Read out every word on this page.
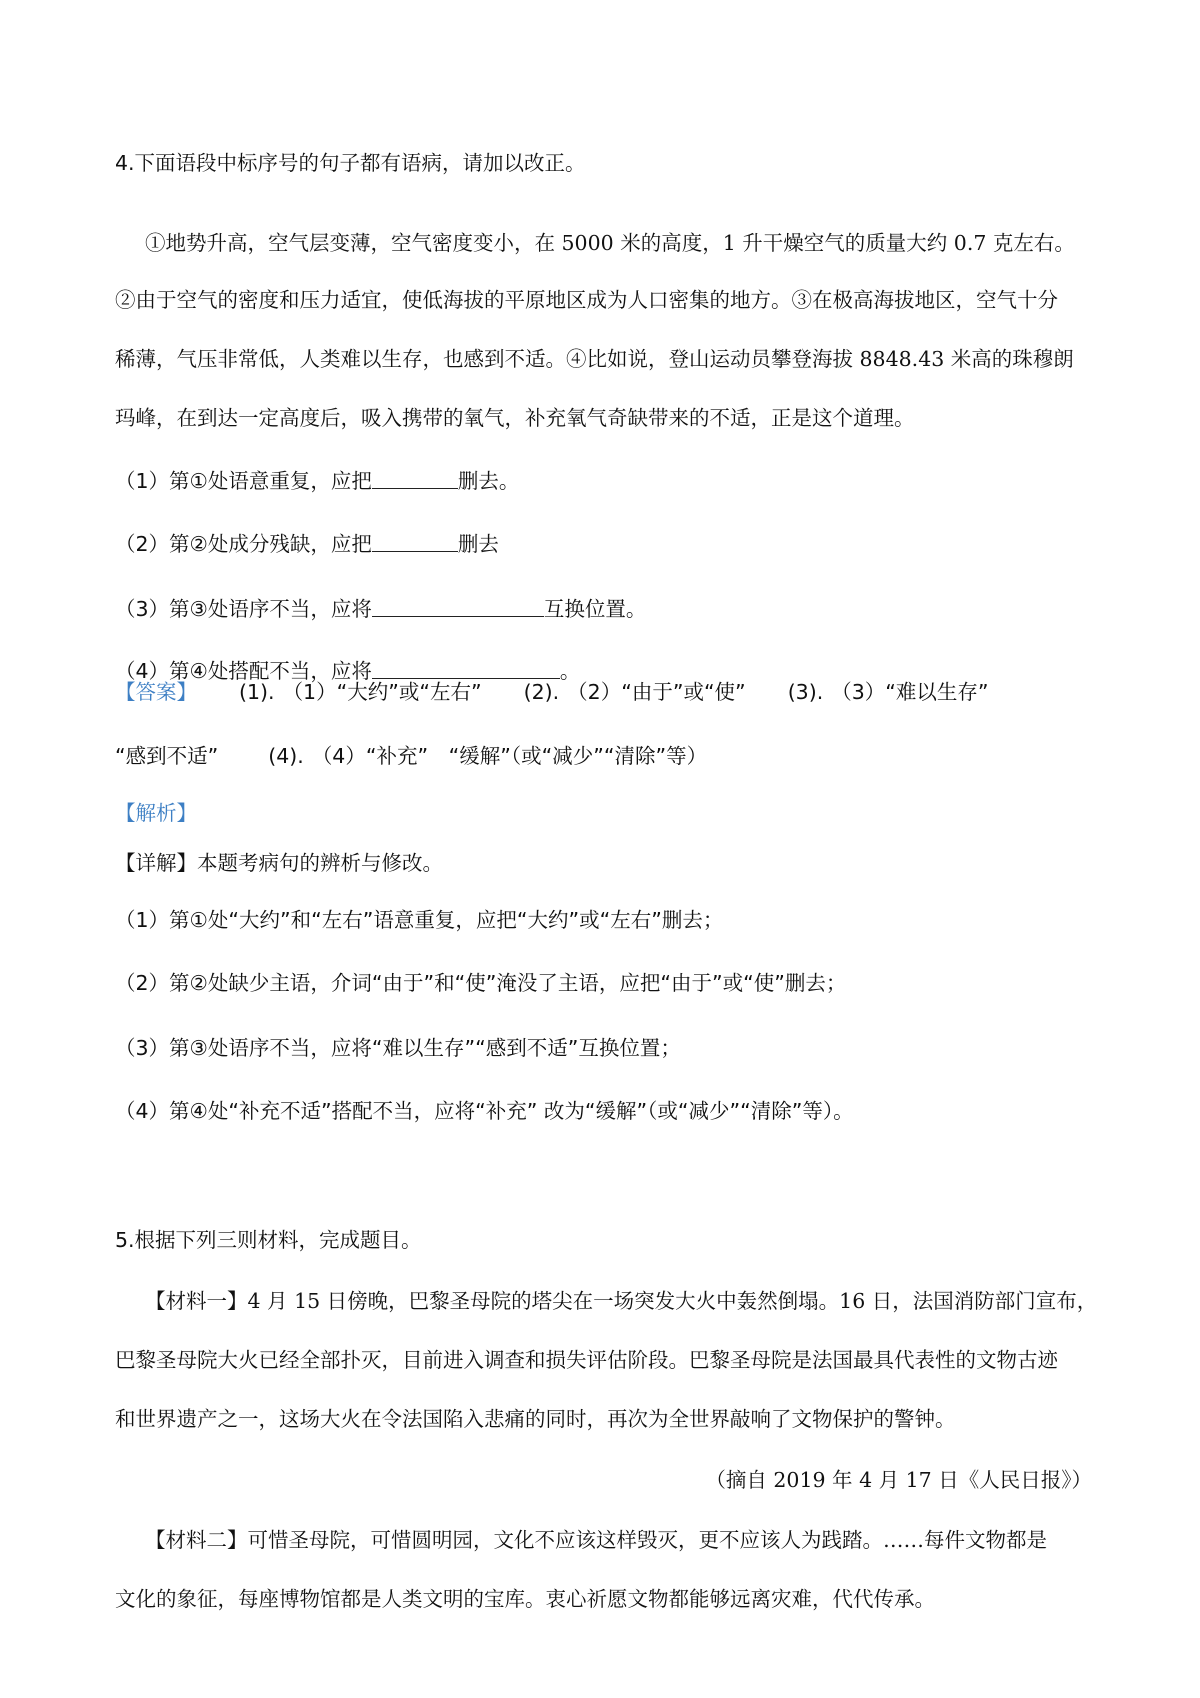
4.下面语段中标序号的句子都有语病，请加以改正。
①地势升高，空气层变薄，空气密度变小，在 5000 米的高度，1 升干燥空气的质量大约 0.7 克左右。
②由于空气的密度和压力适宜，使低海拔的平原地区成为人口密集的地方。③在极高海拔地区，空气十分
稀薄，气压非常低，人类难以生存，也感到不适。④比如说，登山运动员攀登海拔 8848.43 米高的珠穆朗
玛峰，在到达一定高度后，吸入携带的氧气，补充氧气奇缺带来的不适，正是这个道理。
（1）第①处语意重复，应把	删去。
（2）第②处成分残缺，应把	删去
（3）第③处语序不当，应将	互换位置。
（4）第④处搭配不当，应将	。
【答案】 (1). （1）“大约”或“左右” (2). （2）“由于”或“使” (3). （3）“难以生存”
“感到不适” (4). （4）“补充”　“缓解”（或“减少”“清除”等）
【解析】
【详解】本题考病句的辨析与修改。
（1）第①处“大约”和“左右”语意重复，应把“大约”或“左右”删去；
（2）第②处缺少主语，介词“由于”和“使”淹没了主语，应把“由于”或“使”删去；
（3）第③处语序不当，应将“难以生存”“感到不适”互换位置；
（4）第④处“补充不适”搭配不当，应将“补充” 改为“缓解”（或“减少”“清除”等）。
5.根据下列三则材料，完成题目。
【材料一】4 月 15 日傍晚，巴黎圣母院的塔尖在一场突发大火中轰然倒塌。16 日，法国消防部门宣布，
巴黎圣母院大火已经全部扑灭，目前进入调查和损失评估阶段。巴黎圣母院是法国最具代表性的文物古迹
和世界遗产之一，这场大火在令法国陷入悲痛的同时，再次为全世界敲响了文物保护的警钟。
（摘自 2019 年 4 月 17 日《人民日报》）
【材料二】可惜圣母院，可惜圆明园，文化不应该这样毁灭，更不应该人为践踏。……每件文物都是
文化的象征，每座博物馆都是人类文明的宝库。衷心祈愿文物都能够远离灾难，代代传承。
